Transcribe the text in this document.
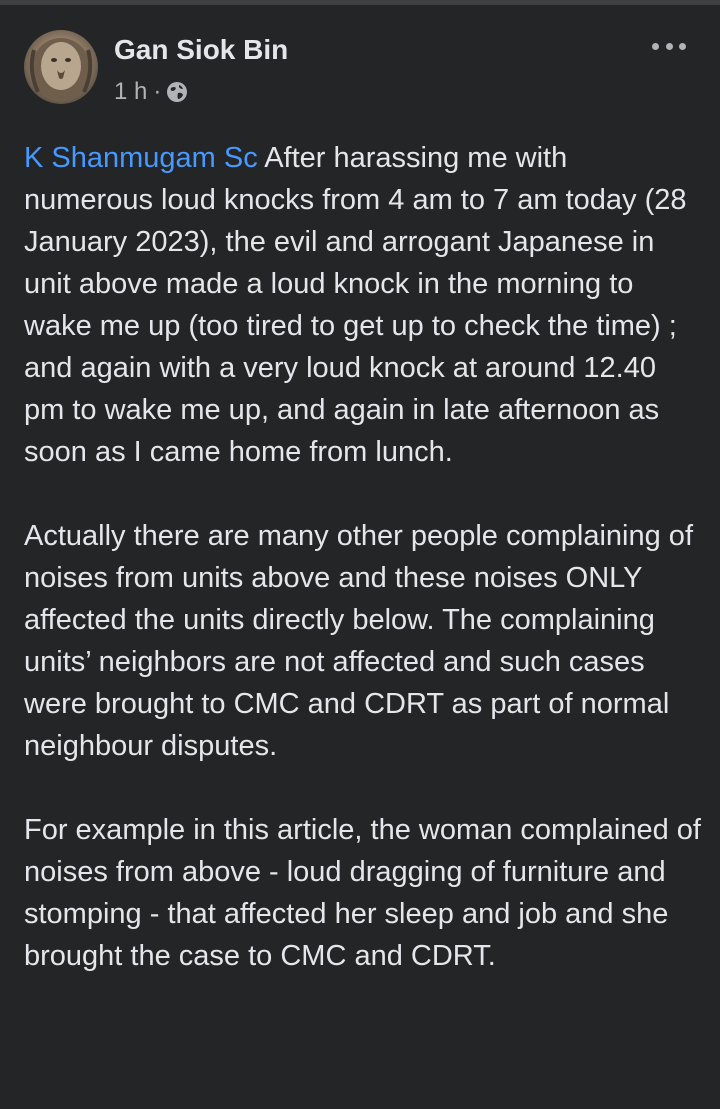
Gan Siok Bin
1 h ·

K Shanmugam Sc After harassing me with numerous loud knocks from 4 am to 7 am today (28 January 2023), the evil and arrogant Japanese in unit above made a loud knock in the morning to wake me up (too tired to get up to check the time) ; and again with a very loud knock at around 12.40 pm to wake me up, and again in late afternoon as soon as I came home from lunch.

Actually there are many other people complaining of noises from units above and these noises ONLY affected the units directly below. The complaining units’ neighbors are not affected and such cases were brought to CMC and CDRT as part of normal neighbour disputes.

For example in this article, the woman complained of noises from above - loud dragging of furniture and stomping - that affected her sleep and job and she brought the case to CMC and CDRT.
